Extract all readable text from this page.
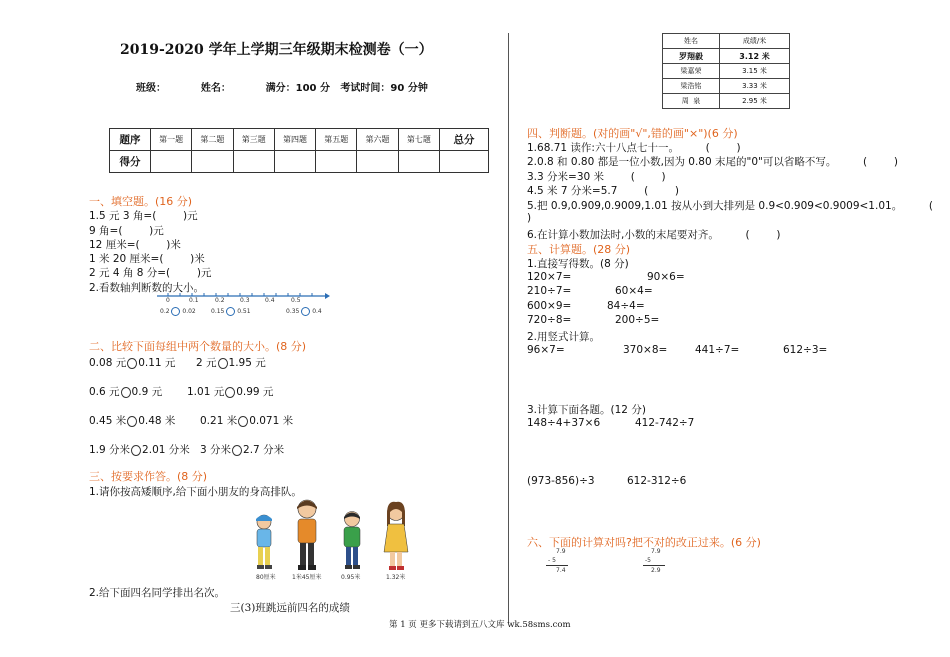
2019-2020 学年上学期三年级期末检测卷（一）
班级：          姓名：          满分：100 分   考试时间：90 分钟
题序	第一题	第二题	第三题	第四题	第五题	第六题	第七题	总分
得分								
一、填空题。(16 分)
1.5 元 3 角=(        )元
9 角=(        )元
12 厘米=(        )米
1 米 20 厘米=(        )米
2 元 4 角 8 分=(        )元
2.看数轴判断数的大小。
0	0.1	0.2	0.3	0.4	0.5
0.2 0.02	0.15 0.51	0.35 0.4
二、比较下面每组中两个数量的大小。(8 分)
0.08 元 0.11 元 2 元 1.95 元
0.6 元 0.9 元 1.01 元 0.99 元
0.45 米 0.48 米 0.21 米 0.071 米
1.9 分米 2.01 分米 3 分米 2.7 分米
三、按要求作答。(8 分)
1.请你按高矮顺序,给下面小朋友的身高排队。
80厘米	1米45厘米	0.95米	1.32米
2.给下面四名同学排出名次。
三(3)班跳远前四名的成绩
姓名	成绩/米
罗翔毅	3.12 米
梁嘉荣	3.15 米
梁浩铭	3.33 米
周  泉	2.95 米
四、判断题。(对的画"√",错的画"×")(6 分)
1.68.71 读作:六十八点七十一。        (        )
2.0.8 和 0.80 都是一位小数,因为 0.80 末尾的"0"可以省略不写。        (        )
3.3 分米=30 米        (        )
4.5 米 7 分米=5.7        (        )
5.把 0.9,0.909,0.9009,1.01 按从小到大排列是 0.9<0.909<0.9009<1.01。        (
)
6.在计算小数加法时,小数的末尾要对齐。        (        )
五、计算题。(28 分)
1.直接写得数。(8 分)
120×7=	90×6=
210÷7=	60×4=
600×9=	84÷4=
720÷8=	200÷5=
2.用竖式计算。
96×7=	370×8=	441÷7=	612÷3=
3.计算下面各题。(12 分)
148÷4+37×6	412-742÷7
(973-856)÷3	612-312÷6
六、下面的计算对吗?把不对的改正过来。(6 分)
7.9
- 5
7.4
7.9
-5
2.9
第 1 页 更多下载请到五八文库 wk.58sms.com
